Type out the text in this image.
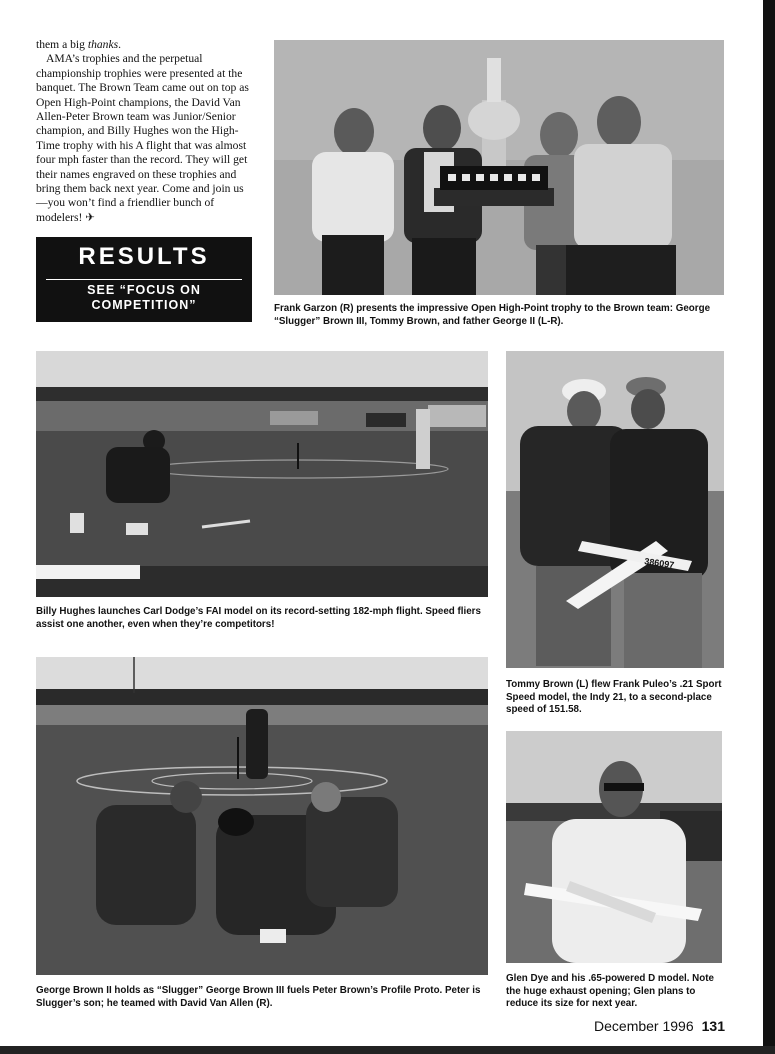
them a big thanks.

AMA’s trophies and the perpetual championship trophies were presented at the banquet. The Brown Team came out on top as Open High-Point champions, the David Van Allen-Peter Brown team was Junior/Senior champion, and Billy Hughes won the High-Time trophy with his A flight that was almost four mph faster than the record. They will get their names engraved on these trophies and bring them back next year. Come and join us—you won’t find a friendlier bunch of modelers! ✈

RESULTS
SEE “FOCUS ON
COMPETITION”	Frank Garzon (R) presents the impressive Open High-Point trophy to the Brown team: George “Slugger” Brown III, Tommy Brown, and father George II (L-R).
Billy Hughes launches Carl Dodge’s FAI model on its record-setting 182-mph flight. Speed fliers assist one another, even when they’re competitors!
386097
Tommy Brown (L) flew Frank Puleo’s .21 Sport Speed model, the Indy 21, to a second-place speed of 151.58.
George Brown II holds as “Slugger” George Brown III fuels Peter Brown’s Profile Proto. Peter is Slugger’s son; he teamed with David Van Allen (R).
Glen Dye and his .65-powered D model. Note the huge exhaust opening; Glen plans to reduce its size for next year.
December 1996 131
